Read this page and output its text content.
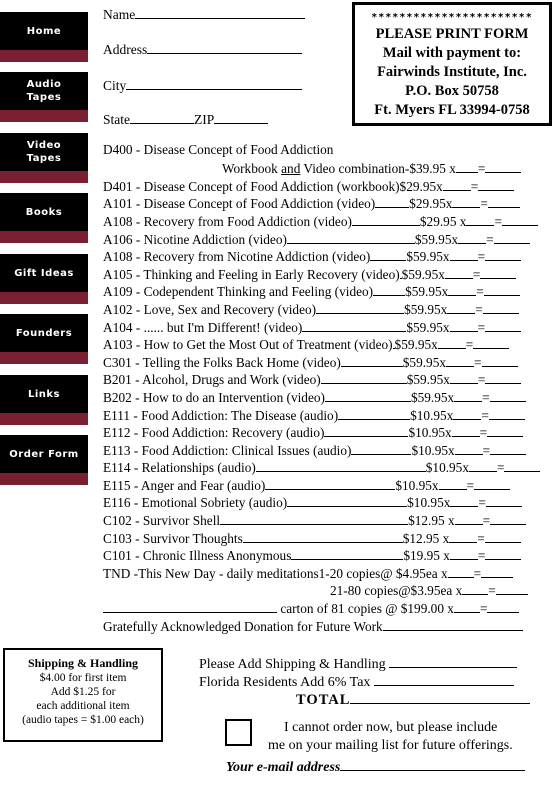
Home
Audio
Tapes
Video
Tapes
Books
Gift Ideas
Founders
Links
Order Form
Name
Address
City
State	ZIP
***********************
PLEASE PRINT FORM
Mail with payment to:
Fairwinds Institute, Inc.
P.O. Box 50758
Ft. Myers FL 33994-0758
D400 - Disease Concept of Food Addiction
Workbook and Video combination-$39.95 x =
D401 - Disease Concept of Food Addiction (workbook)$29.95x =
A101 - Disease Concept of Food Addiction (video)	$29.95x =
A108 - Recovery from Food Addiction (video)	$29.95 x =
A106 - Nicotine Addiction (video)	$59.95x =
A108 - Recovery from Nicotine Addiction (video)	$59.95x =
A105 - Thinking and Feeling in Early Recovery (video) $59.95x =
A109 - Codependent Thinking and Feeling (video) $59.95x =
A102 - Love, Sex and Recovery (video)	$59.95x =
A104 - ...... but I'm Different! (video)	$59.95x =
A103 - How to Get the Most Out of Treatment (video) $59.95x =
C301 - Telling the Folks Back Home (video)	$59.95x =
B201 - Alcohol, Drugs and Work (video)	$59.95x =
B202 - How to do an Intervention (video)	$59.95x =
E111 - Food Addiction: The Disease (audio)	$10.95x =
E112 - Food Addiction: Recovery (audio)	$10.95x =
E113 - Food Addiction: Clinical Issues (audio)	$10.95x =
E114 - Relationships (audio)	$10.95x =
E115 - Anger and Fear (audio)	$10.95x =
E116 - Emotional Sobriety (audio)	$10.95x =
C102 - Survivor Shell	$12.95 x =
C103 - Survivor Thoughts	$12.95 x =
C101 - Chronic Illness Anonymous	$19.95 x =
TND -This New Day - daily meditations1-20 copies@ $4.95ea x =
21-80 copies@$3.95ea x =
carton of 81 copies @ $199.00 x =
Gratefully Acknowledged Donation for Future Work
Shipping & Handling
$4.00 for first item
Add $1.25 for
each additional item
(audio tapes = $1.00 each)
Please Add Shipping & Handling
Florida Residents Add 6% Tax
TOTAL
I cannot order now, but please include
me on your mailing list for future offerings.
Your e-mail address
